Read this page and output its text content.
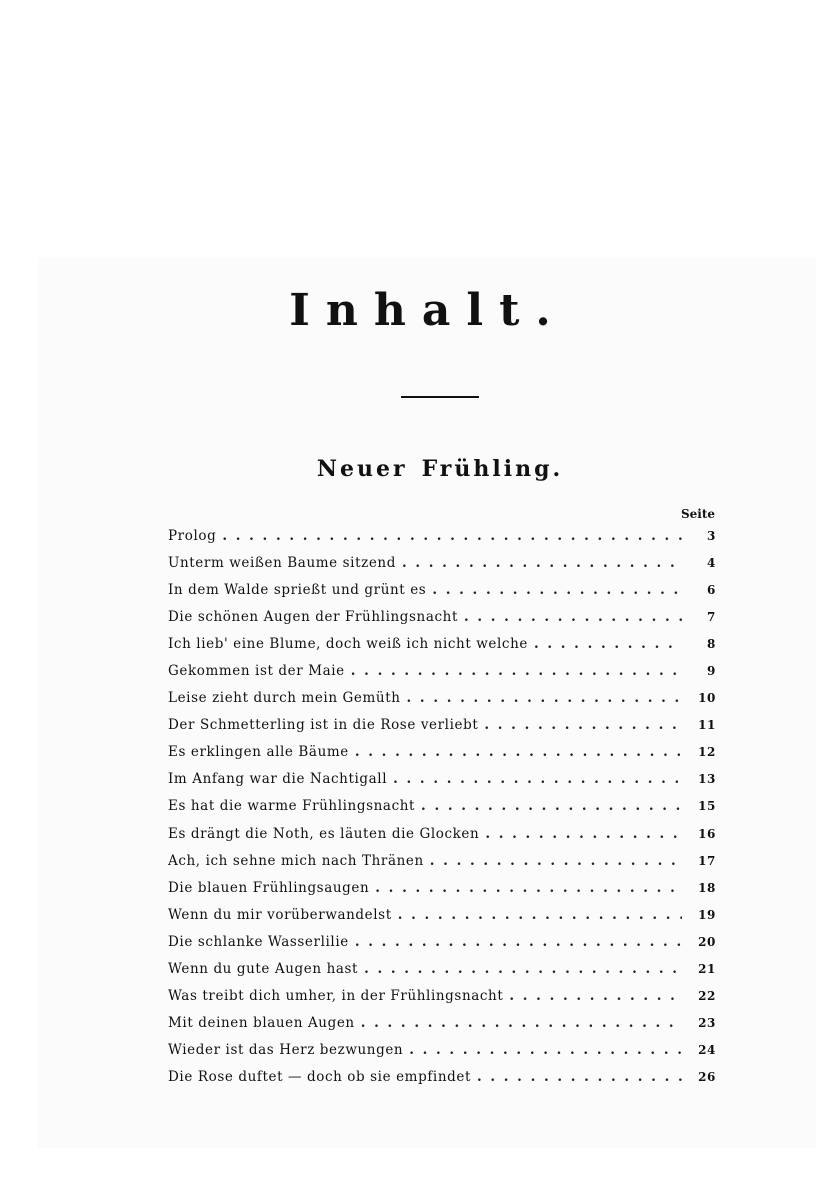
Inhalt.
Neuer Frühling.
Seite
Prolog . . .	3
Unterm weißen Baume sitzend . . .	4
In dem Walde sprießt und grünt es . . .	6
Die schönen Augen der Frühlingsnacht . . .	7
Ich lieb' eine Blume, doch weiß ich nicht welche . . .	8
Gekommen ist der Maie . . .	9
Leise zieht durch mein Gemüth . . .	10
Der Schmetterling ist in die Rose verliebt . . .	11
Es erklingen alle Bäume . . .	12
Im Anfang war die Nachtigall . . .	13
Es hat die warme Frühlingsnacht . . .	15
Es drängt die Noth, es läuten die Glocken . . .	16
Ach, ich sehne mich nach Thränen . . .	17
Die blauen Frühlingsaugen . . .	18
Wenn du mir vorüberwandelst . . .	19
Die schlanke Wasserlilie . . .	20
Wenn du gute Augen hast . . .	21
Was treibt dich umher, in der Frühlingsnacht . . .	22
Mit deinen blauen Augen . . .	23
Wieder ist das Herz bezwungen . . .	24
Die Rose duftet — doch ob sie empfindet . . .	26
